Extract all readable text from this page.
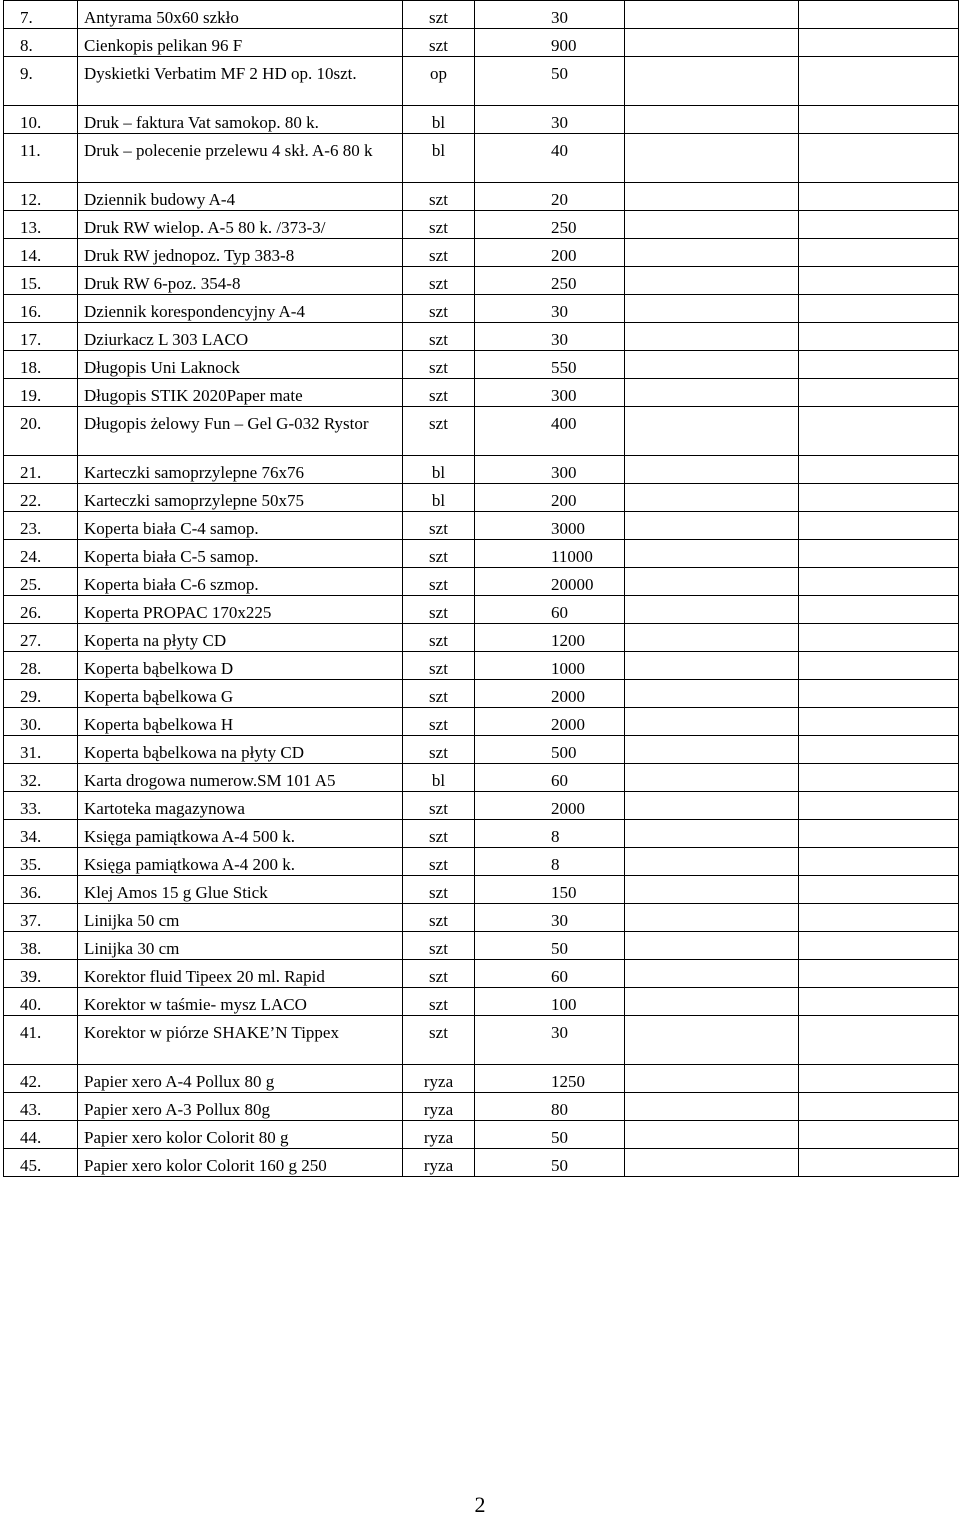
7.	Antyrama 50x60 szkło	szt	30		
8.	Cienkopis pelikan 96 F	szt	900		
9.	Dyskietki Verbatim MF 2 HD op. 10szt.	op	50		
10.	Druk – faktura Vat samokop. 80 k.	bl	30		
11.	Druk – polecenie przelewu 4 skł. A-6 80 k	bl	40		
12.	Dziennik budowy A-4	szt	20		
13.	Druk RW wielop. A-5 80 k. /373-3/	szt	250		
14.	Druk RW jednopoz. Typ 383-8	szt	200		
15.	Druk RW 6-poz. 354-8	szt	250		
16.	Dziennik korespondencyjny A-4	szt	30		
17.	Dziurkacz L 303 LACO	szt	30		
18.	Długopis Uni Laknock	szt	550		
19.	Długopis STIK 2020Paper mate	szt	300		
20.	Długopis żelowy Fun – Gel G-032 Rystor	szt	400		
21.	Karteczki samoprzylepne 76x76	bl	300		
22.	Karteczki samoprzylepne 50x75	bl	200		
23.	Koperta biała C-4 samop.	szt	3000		
24.	Koperta biała C-5 samop.	szt	11000		
25.	Koperta biała C-6 szmop.	szt	20000		
26.	Koperta PROPAC 170x225	szt	60		
27.	Koperta na płyty CD	szt	1200		
28.	Koperta bąbelkowa D	szt	1000		
29.	Koperta bąbelkowa G	szt	2000		
30.	Koperta bąbelkowa H	szt	2000		
31.	Koperta bąbelkowa na płyty CD	szt	500		
32.	Karta drogowa numerow.SM 101 A5	bl	60		
33.	Kartoteka magazynowa	szt	2000		
34.	Księga pamiątkowa A-4 500 k.	szt	8		
35.	Księga pamiątkowa A-4 200 k.	szt	8		
36.	Klej Amos 15 g Glue Stick	szt	150		
37.	Linijka 50 cm	szt	30		
38.	Linijka 30 cm	szt	50		
39.	Korektor fluid Tipeex 20 ml. Rapid	szt	60		
40.	Korektor w taśmie- mysz LACO	szt	100		
41.	Korektor w piórze SHAKE’N Tippex	szt	30		
42.	Papier xero A-4 Pollux 80 g	ryza	1250		
43.	Papier xero A-3 Pollux 80g	ryza	80		
44.	Papier xero kolor Colorit 80 g	ryza	50		
45.	Papier xero kolor Colorit 160 g 250	ryza	50		
2
